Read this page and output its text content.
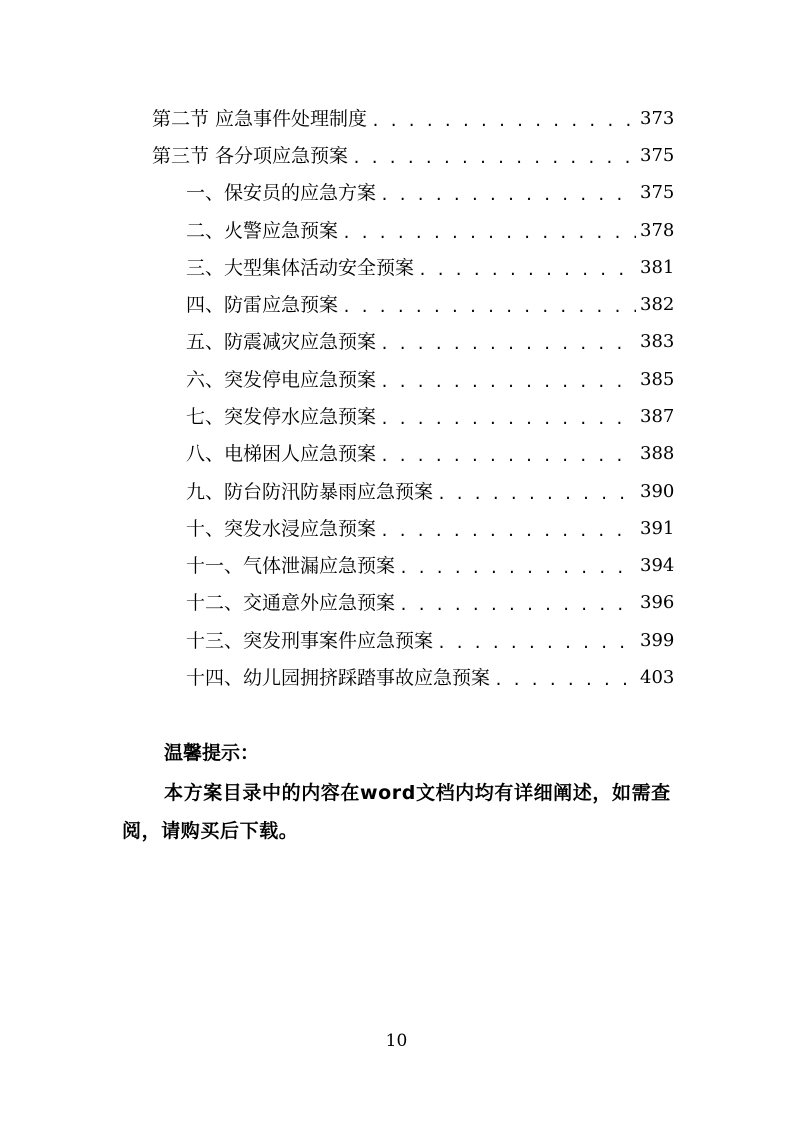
第二节 应急事件处理制度 . . .	373
第三节 各分项应急预案 . . .	375
一、保安员的应急方案 . . .	375
二、火警应急预案 . . .	378
三、大型集体活动安全预案 . . .	381
四、防雷应急预案 . . .	382
五、防震减灾应急预案 . . .	383
六、突发停电应急预案 . . .	385
七、突发停水应急预案 . . .	387
八、电梯困人应急预案 . . .	388
九、防台防汛防暴雨应急预案 . . .	390
十、突发水浸应急预案 . . .	391
十一、气体泄漏应急预案 . . .	394
十二、交通意外应急预案 . . .	396
十三、突发刑事案件应急预案 . . .	399
十四、幼儿园拥挤踩踏事故应急预案 . . .	403
温馨提示：
本方案目录中的内容在word文档内均有详细阐述，如需查阅，请购买后下载。
10
